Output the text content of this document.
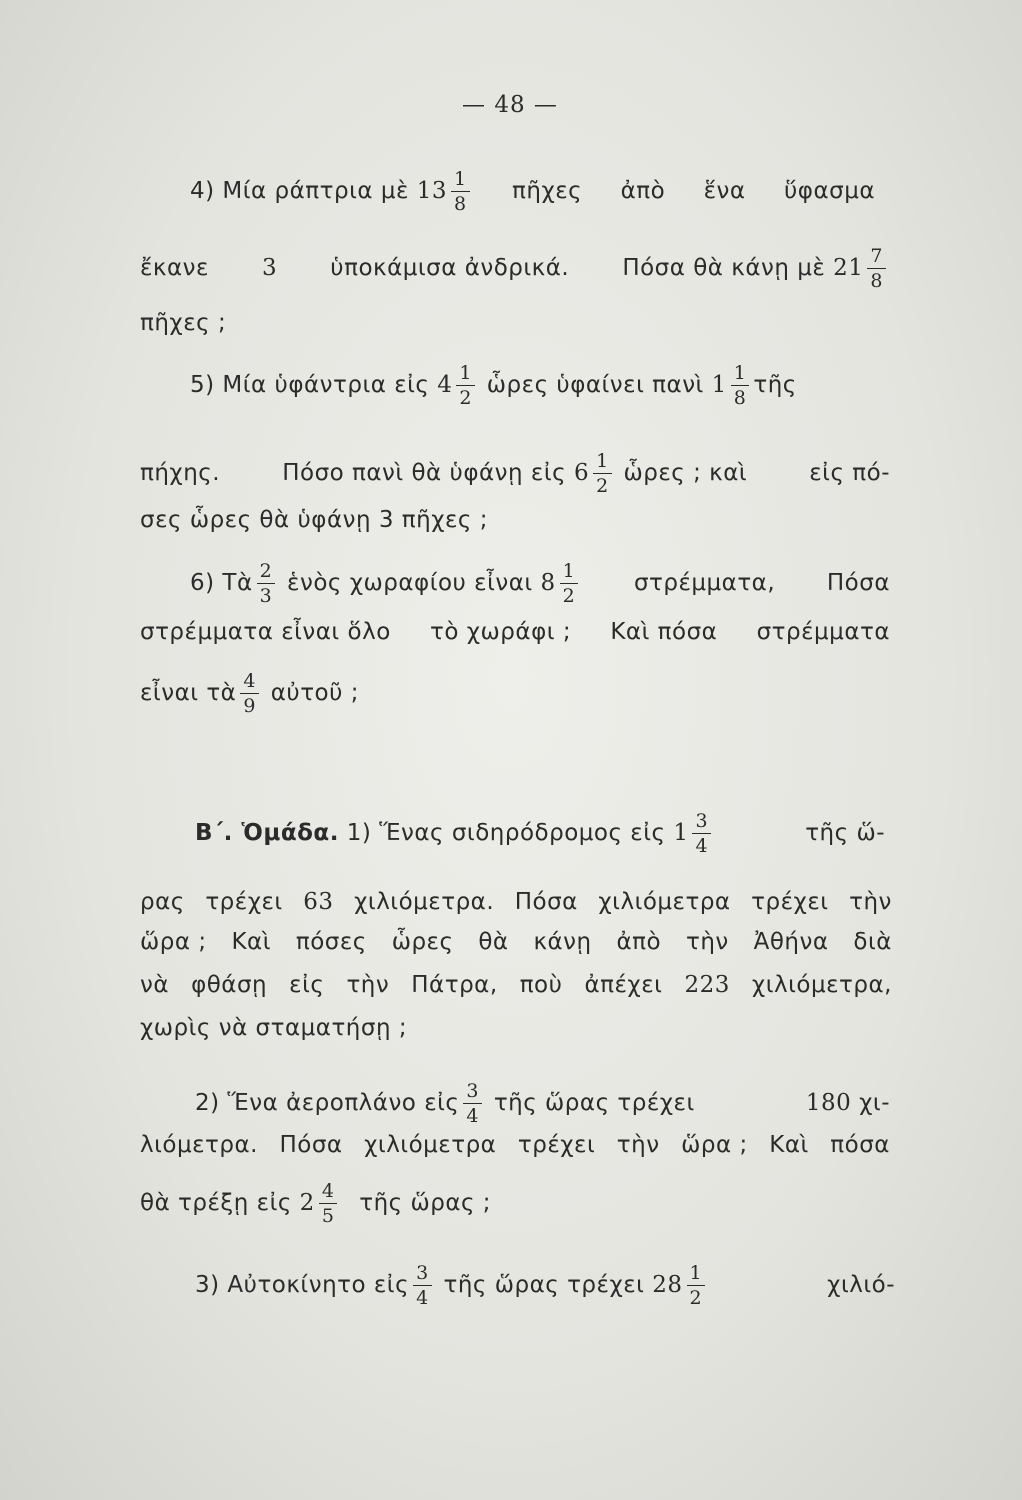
— 48 —
4) Μία ράπτρια μὲ $13 \frac{1}{8}$ πῆχες ἀπὸ ἕνα ὕφασμα
ἔκανε 3 ὑποκάμισα ἀνδρικά. Πόσα θὰ κάνῃ μὲ $21 \frac{7}{8}$
πῆχες ;
5) Μία ὑφάντρια εἰς $4 \frac{1}{2}$ ὧρες ὑφαίνει πανὶ $1 \frac{1}{8}$ τῆς
πήχης.	Πόσο πανὶ θὰ ὑφάνῃ εἰς $6 \frac{1}{2}$ ὧρες ; καὶ	εἰς πό-
σες ὧρες θὰ ὑφάνῃ 3 πῆχες ;
6) Τὰ $\frac{2}{3}$ ἑνὸς χωραφίου εἶναι $8 \frac{1}{2} \sigma\tau\rho έ\mu\mu\alpha\tau\alpha$, Πόσα
στρέμματα εἶναι ὅλο τὸ χωράφι ; Καὶ πόσα στρέμματα
εἶναι τὰ $\frac{4}{9}$ αὐτοῦ ;
Β΄. Ὁμάδα. 1) Ἕνας σιδηρόδρομος εἰς $1 \frac{3}{4}$	τῆς ὥ-
ρας τρέχει 63 χιλιόμετρα. Πόσα χιλιόμετρα τρέχει τὴν
ὥρα ; Καὶ πόσες ὧρες θὰ κάνῃ ἀπὸ τὴν Ἀθήνα διὰ
νὰ φθάσῃ εἰς τὴν Πάτρα, ποὺ ἀπέχει 223 χιλιόμετρα,
χωρὶς νὰ σταματήσῃ ;
2) Ἕνα ἀεροπλάνο εἰς $\frac{3}{4}$ τῆς ὥρας τρέχει	180 χι-
λιόμετρα. Πόσα χιλιόμετρα τρέχει τὴν ὥρα ; Καὶ πόσα
θὰ τρέξῃ εἰς $2 \frac{4}{5}$ τῆς ὥρας ;
3) Αὐτοκίνητο εἰς $\frac{3}{4}$ τῆς ὥρας τρέχει $28 \frac{1}{2}$	χιλιό-
